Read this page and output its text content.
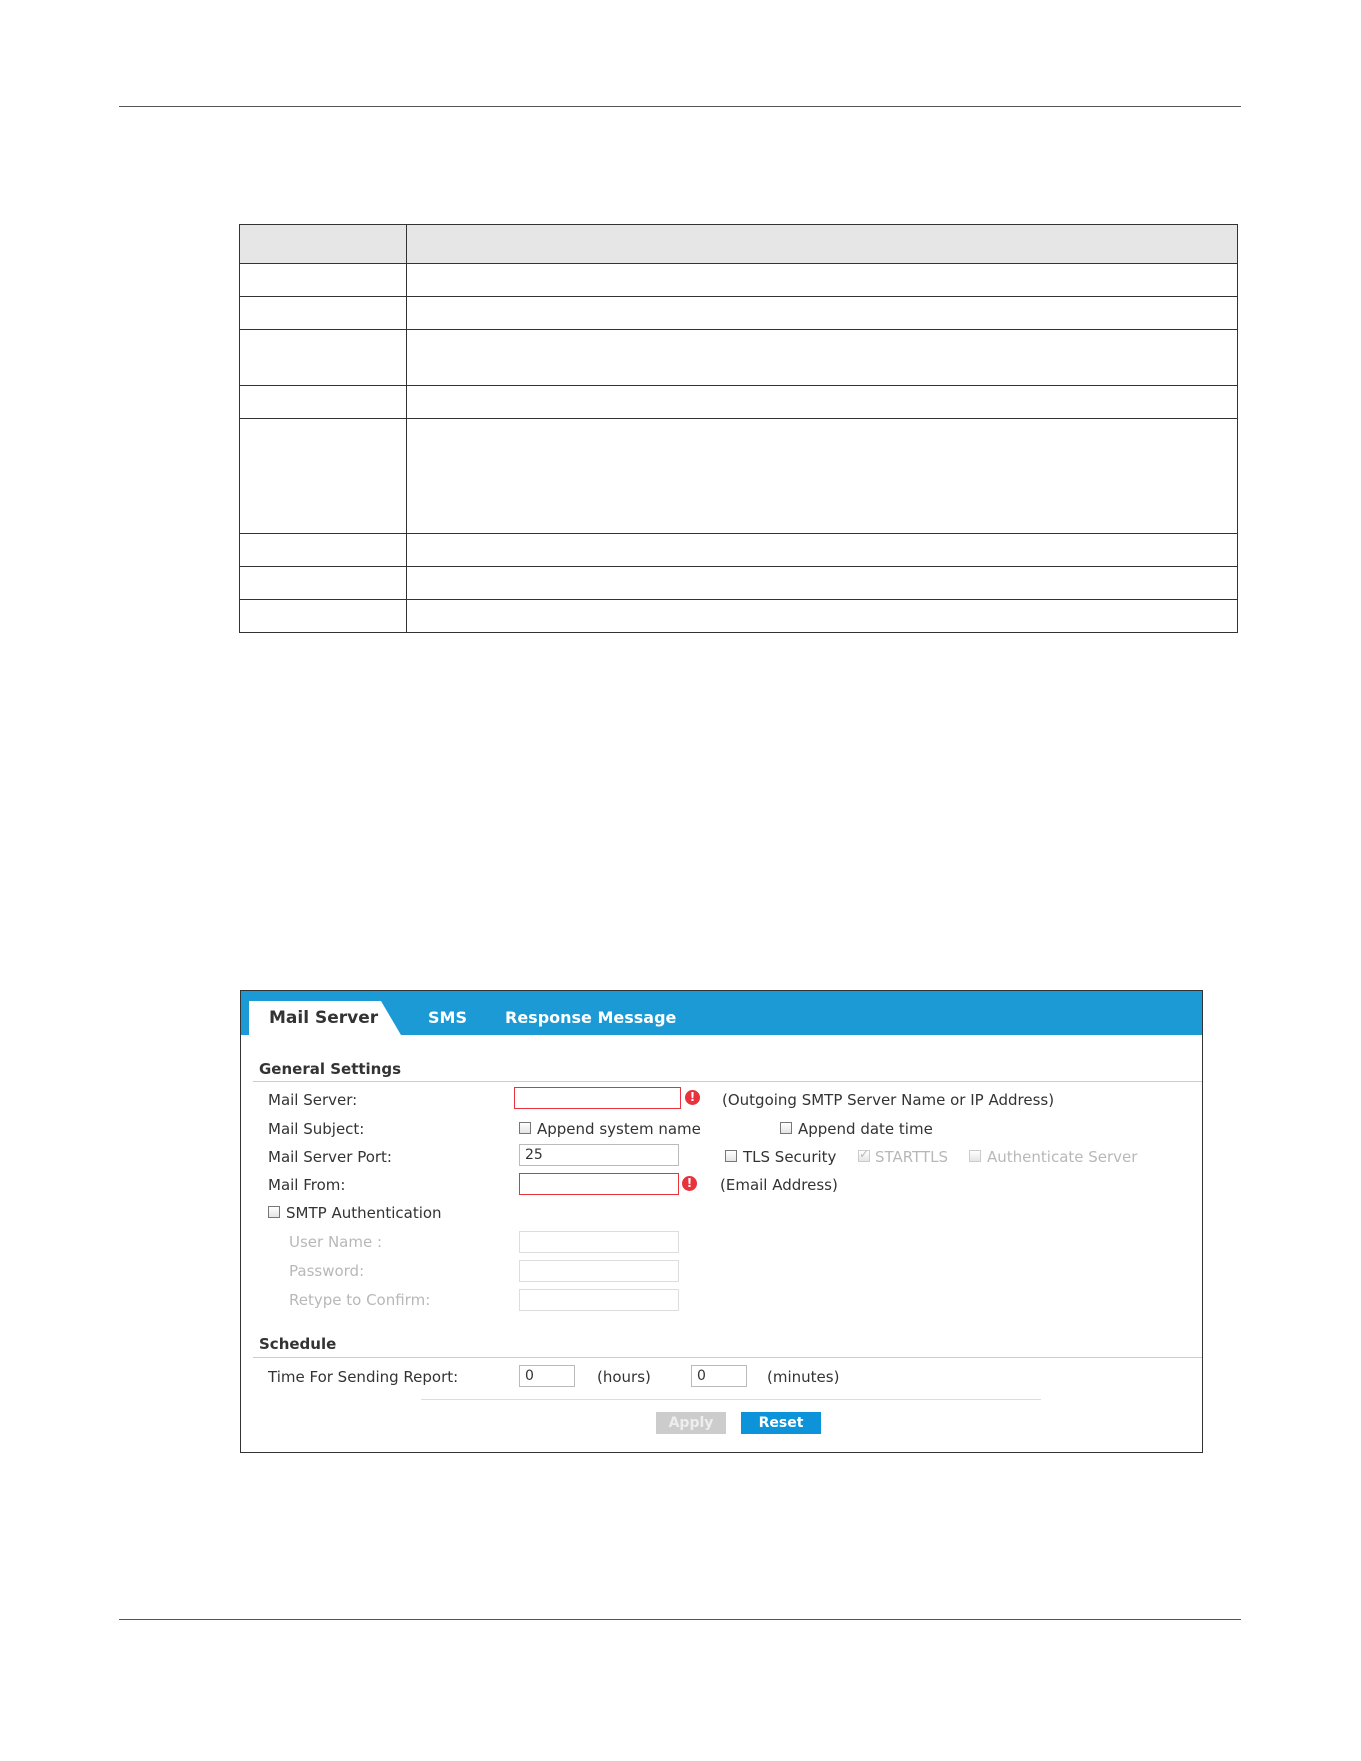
Mail Server	SMS Response Message
General Settings
Mail Server:	!	(Outgoing SMTP Server Name or IP Address)
Mail Subject:	Append system name	Append date time
Mail Server Port:
25	TLS Security
✓	STARTTLS	Authenticate Server
Mail From:	!	(Email Address)
SMTP Authentication
User Name :
Password:
Retype to Confirm:
Schedule
Time For Sending Report:
0	(hours)
0	(minutes)
Apply	Reset
